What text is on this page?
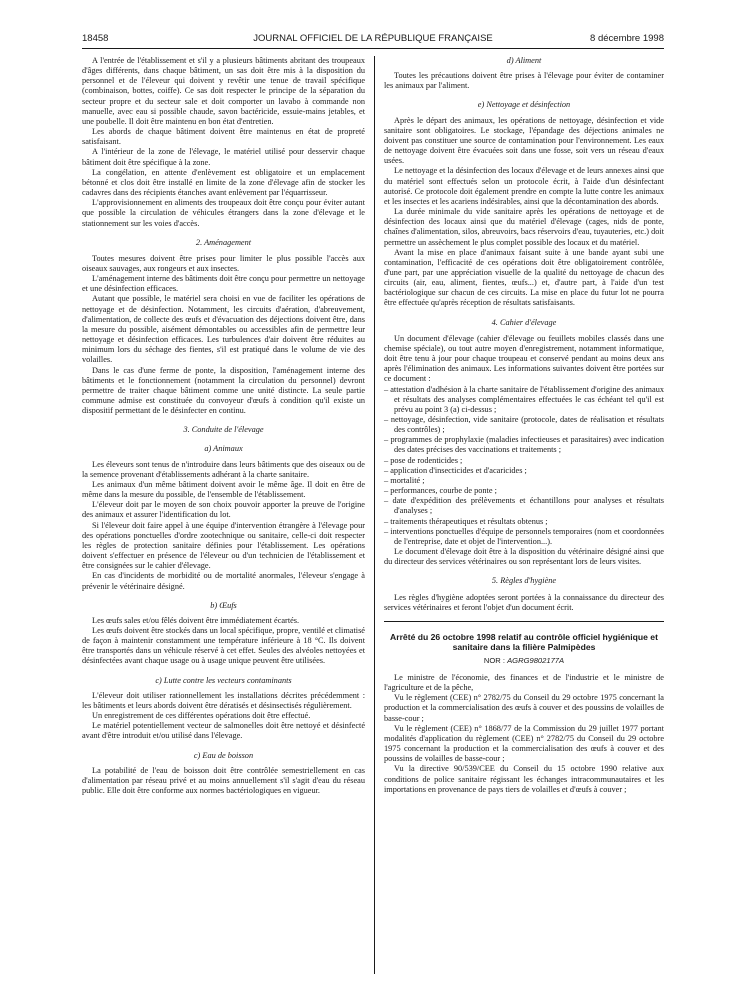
18458	JOURNAL OFFICIEL DE LA RÉPUBLIQUE FRANÇAISE	8 décembre 1998

A l'entrée de l'établissement et s'il y a plusieurs bâtiments abritant des troupeaux d'âges différents, dans chaque bâtiment, un sas doit être mis à la disposition du personnel et de l'éleveur qui doivent y revêtir une tenue de travail spécifique (combinaison, bottes, coiffe). Ce sas doit respecter le principe de la séparation du secteur propre et du secteur sale et doit comporter un lavabo à commande non manuelle, avec eau si possible chaude, savon bactéricide, essuie-mains jetables, et une poubelle. Il doit être maintenu en bon état d'entretien.

Les abords de chaque bâtiment doivent être maintenus en état de propreté satisfaisant.

A l'intérieur de la zone de l'élevage, le matériel utilisé pour desservir chaque bâtiment doit être spécifique à la zone.

La congélation, en attente d'enlèvement est obligatoire et un emplacement bétonné et clos doit être installé en limite de la zone d'élevage afin de stocker les cadavres dans des récipients étanches avant enlèvement par l'équarrisseur.

L'approvisionnement en aliments des troupeaux doit être conçu pour éviter autant que possible la circulation de véhicules étrangers dans la zone d'élevage et le stationnement sur les voies d'accès.

2. Aménagement

Toutes mesures doivent être prises pour limiter le plus possible l'accès aux oiseaux sauvages, aux rongeurs et aux insectes.

L'aménagement interne des bâtiments doit être conçu pour permettre un nettoyage et une désinfection efficaces.

Autant que possible, le matériel sera choisi en vue de faciliter les opérations de nettoyage et de désinfection. Notamment, les circuits d'aération, d'abreuvement, d'alimentation, de collecte des œufs et d'évacuation des déjections doivent être, dans la mesure du possible, aisément démontables ou accessibles afin de permettre leur nettoyage et désinfection efficaces. Les turbulences d'air doivent être réduites au minimum lors du séchage des fientes, s'il est pratiqué dans le volume de vie des volailles.

Dans le cas d'une ferme de ponte, la disposition, l'aménagement interne des bâtiments et le fonctionnement (notamment la circulation du personnel) devront permettre de traiter chaque bâtiment comme une unité distincte. La seule partie commune admise est constituée du convoyeur d'œufs à condition qu'il existe un dispositif permettant de le désinfecter en continu.

3. Conduite de l'élevage
a) Animaux

Les éleveurs sont tenus de n'introduire dans leurs bâtiments que des oiseaux ou de la semence provenant d'établissements adhérant à la charte sanitaire.

Les animaux d'un même bâtiment doivent avoir le même âge. Il doit en être de même dans la mesure du possible, de l'ensemble de l'établissement.

L'éleveur doit par le moyen de son choix pouvoir apporter la preuve de l'origine des animaux et assurer l'identification du lot.

Si l'éleveur doit faire appel à une équipe d'intervention étrangère à l'élevage pour des opérations ponctuelles d'ordre zootechnique ou sanitaire, celle-ci doit respecter les règles de protection sanitaire définies pour l'établissement. Les opérations doivent s'effectuer en présence de l'éleveur ou d'un technicien de l'établissement et être consignées sur le cahier d'élevage.

En cas d'incidents de morbidité ou de mortalité anormales, l'éleveur s'engage à prévenir le vétérinaire désigné.

b) Œufs

Les œufs sales et/ou fêlés doivent être immédiatement écartés.

Les œufs doivent être stockés dans un local spécifique, propre, ventilé et climatisé de façon à maintenir constamment une température inférieure à 18 °C. Ils doivent être transportés dans un véhicule réservé à cet effet. Seules des alvéoles nettoyées et désinfectées avant chaque usage ou à usage unique peuvent être utilisées.

c) Lutte contre les vecteurs contaminants

L'éleveur doit utiliser rationnellement les installations décrites précédemment : les bâtiments et leurs abords doivent être dératisés et désinsectisés régulièrement.

Un enregistrement de ces différentes opérations doit être effectué.

Le matériel potentiellement vecteur de salmonelles doit être nettoyé et désinfecté avant d'être introduit et/ou utilisé dans l'élevage.

c) Eau de boisson

La potabilité de l'eau de boisson doit être contrôlée semestriellement en cas d'alimentation par réseau privé et au moins annuellement s'il s'agit d'eau du réseau public. Elle doit être conforme aux normes bactériologiques en vigueur.

d) Aliment

Toutes les précautions doivent être prises à l'élevage pour éviter de contaminer les animaux par l'aliment.

e) Nettoyage et désinfection

Après le départ des animaux, les opérations de nettoyage, désinfection et vide sanitaire sont obligatoires. Le stockage, l'épandage des déjections animales ne doivent pas constituer une source de contamination pour l'environnement. Les eaux de nettoyage doivent être évacuées soit dans une fosse, soit vers un réseau d'eaux usées.

Le nettoyage et la désinfection des locaux d'élevage et de leurs annexes ainsi que du matériel sont effectués selon un protocole écrit, à l'aide d'un désinfectant autorisé. Ce protocole doit également prendre en compte la lutte contre les animaux et les insectes et les acariens indésirables, ainsi que la décontamination des abords.

La durée minimale du vide sanitaire après les opérations de nettoyage et de désinfection des locaux ainsi que du matériel d'élevage (cages, nids de ponte, chaînes d'alimentation, silos, abreuvoirs, bacs réservoirs d'eau, tuyauteries, etc.) doit permettre un assèchement le plus complet possible des locaux et du matériel.

Avant la mise en place d'animaux faisant suite à une bande ayant subi une contamination, l'efficacité de ces opérations doit être obligatoirement contrôlée, d'une part, par une appréciation visuelle de la qualité du nettoyage de chacun des circuits (air, eau, aliment, fientes, œufs...) et, d'autre part, à l'aide d'un test bactériologique sur chacun de ces circuits. La mise en place du futur lot ne pourra être effectuée qu'après réception de résultats satisfaisants.

4. Cahier d'élevage

Un document d'élevage (cahier d'élevage ou feuillets mobiles classés dans une chemise spéciale), ou tout autre moyen d'enregistrement, notamment informatique, doit être tenu à jour pour chaque troupeau et conservé pendant au moins deux ans après l'élimination des animaux. Les informations suivantes doivent être portées sur ce document :

– attestation d'adhésion à la charte sanitaire de l'établissement d'origine des animaux et résultats des analyses complémentaires effectuées le cas échéant tel qu'il est prévu au point 3 (a) ci-dessus ;
– nettoyage, désinfection, vide sanitaire (protocole, dates de réalisation et résultats des contrôles) ;
– programmes de prophylaxie (maladies infectieuses et parasitaires) avec indication des dates précises des vaccinations et traitements ;
– pose de rodenticides ;
– application d'insecticides et d'acaricides ;
– mortalité ;
– performances, courbe de ponte ;
– date d'expédition des prélèvements et échantillons pour analyses et résultats d'analyses ;
– traitements thérapeutiques et résultats obtenus ;
– interventions ponctuelles d'équipe de personnels temporaires (nom et coordonnées de l'entreprise, date et objet de l'intervention...).

Le document d'élevage doit être à la disposition du vétérinaire désigné ainsi que du directeur des services vétérinaires ou son représentant lors de leurs visites.

5. Règles d'hygiène

Les règles d'hygiène adoptées seront portées à la connaissance du directeur des services vétérinaires et feront l'objet d'un document écrit.

Arrêté du 26 octobre 1998 relatif au contrôle officiel hygiénique et sanitaire dans la filière Palmipèdes
NOR : AGRG9802177A

Le ministre de l'économie, des finances et de l'industrie et le ministre de l'agriculture et de la pêche,

Vu le règlement (CEE) n° 2782/75 du Conseil du 29 octobre 1975 concernant la production et la commercialisation des œufs à couver et des poussins de volailles de basse-cour ;

Vu le règlement (CEE) n° 1868/77 de la Commission du 29 juillet 1977 portant modalités d'application du règlement (CEE) n° 2782/75 du Conseil du 29 octobre 1975 concernant la production et la commercialisation des œufs à couver et des poussins de volailles de basse-cour ;

Vu la directive 90/539/CEE du Conseil du 15 octobre 1990 relative aux conditions de police sanitaire régissant les échanges intracommunautaires et les importations en provenance de pays tiers de volailles et d'œufs à couver ;
